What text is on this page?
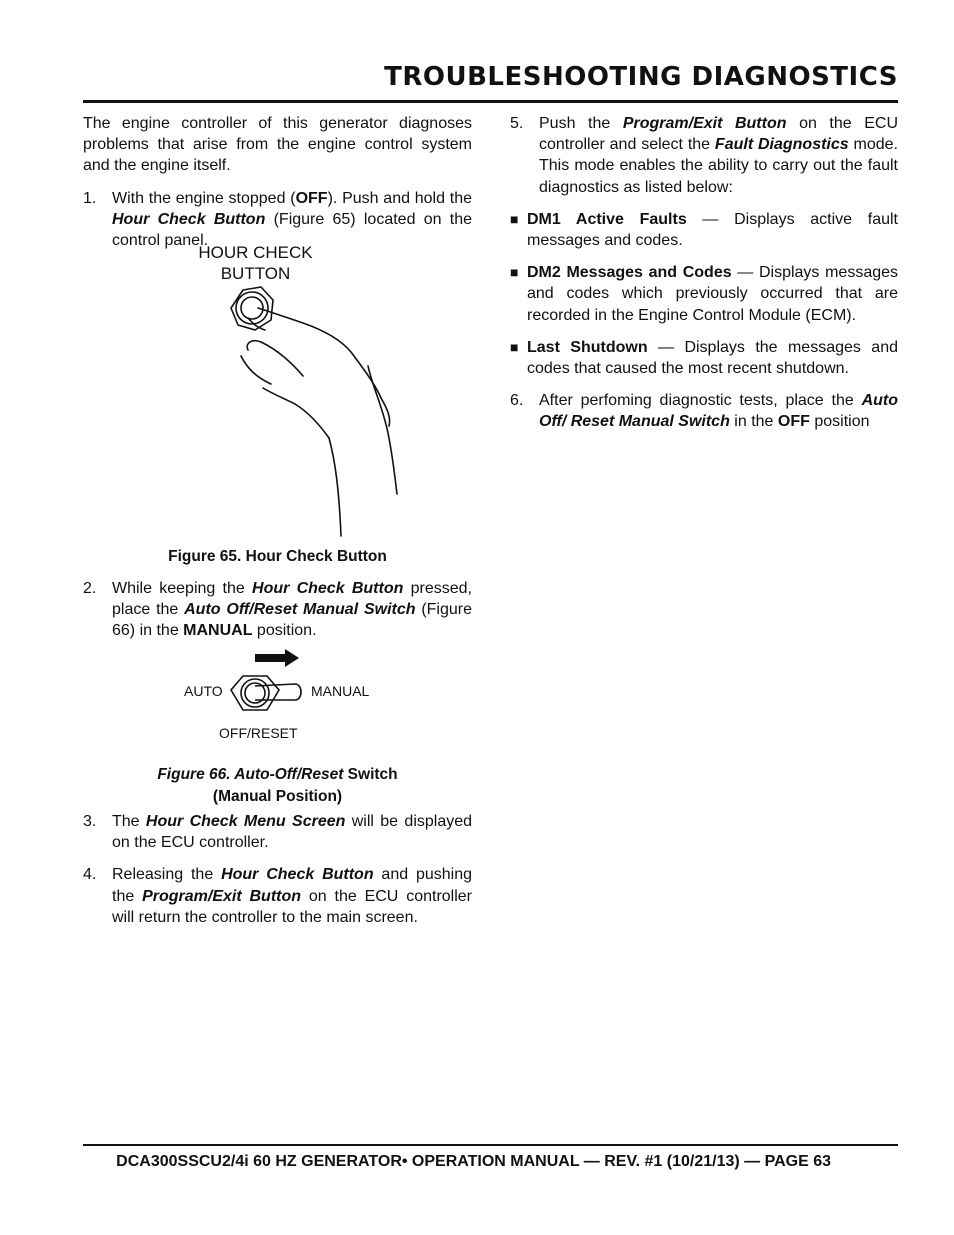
TROUBLESHOOTING DIAGNOSTICS

The engine controller of this generator diagnoses problems that arise from the engine control system and the engine itself.

1. With the engine stopped (OFF). Push and hold the Hour Check Button (Figure 65) located on the control panel.
HOUR CHECK
BUTTON
Figure 65. Hour Check Button
2. While keeping the Hour Check Button pressed, place the Auto Off/Reset Manual Switch (Figure 66) in the MANUAL position.
AUTO	MANUAL
OFF/RESET
Figure 66. Auto-Off/Reset Switch
(Manual Position)
3. The Hour Check Menu Screen will be displayed on the ECU controller.
4. Releasing the Hour Check Button and pushing the Program/Exit Button on the ECU controller will return the controller to the main screen.
5. Push the Program/Exit Button on the ECU controller and select the Fault Diagnostics mode. This mode enables the ability to carry out the fault diagnostics as listed below:
■ DM1 Active Faults — Displays active fault messages and codes.
■ DM2 Messages and Codes — Displays messages and codes which previously occurred that are recorded in the Engine Control Module (ECM).
■ Last Shutdown — Displays the messages and codes that caused the most recent shutdown.
6. After perfoming diagnostic tests, place the Auto Off/ Reset Manual Switch in the OFF position
DCA300SSCU2/4i 60 HZ GENERATOR• OPERATION MANUAL — REV. #1 (10/21/13) — PAGE 63
